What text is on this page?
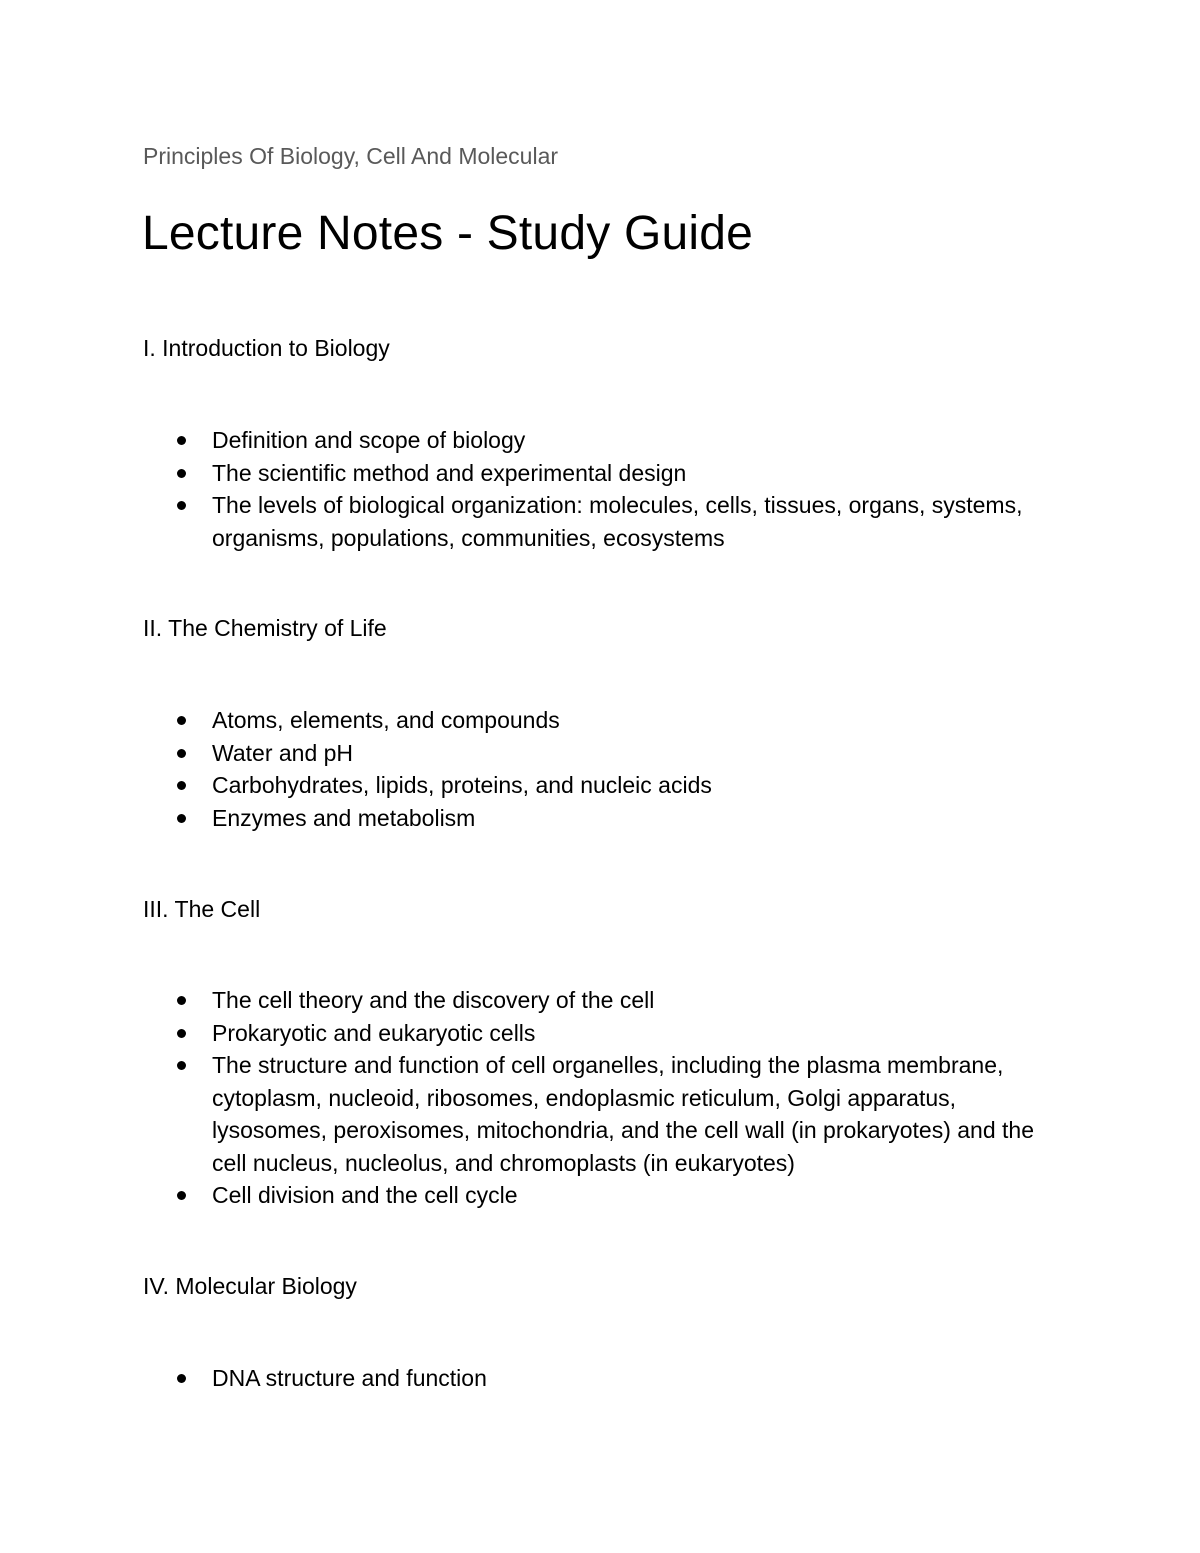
Principles Of Biology, Cell And Molecular
Lecture Notes - Study Guide
I. Introduction to Biology
Definition and scope of biology
The scientific method and experimental design
The levels of biological organization: molecules, cells, tissues, organs, systems, organisms, populations, communities, ecosystems
II. The Chemistry of Life
Atoms, elements, and compounds
Water and pH
Carbohydrates, lipids, proteins, and nucleic acids
Enzymes and metabolism
III. The Cell
The cell theory and the discovery of the cell
Prokaryotic and eukaryotic cells
The structure and function of cell organelles, including the plasma membrane, cytoplasm, nucleoid, ribosomes, endoplasmic reticulum, Golgi apparatus, lysosomes, peroxisomes, mitochondria, and the cell wall (in prokaryotes) and the cell nucleus, nucleolus, and chromoplasts (in eukaryotes)
Cell division and the cell cycle
IV. Molecular Biology
DNA structure and function
